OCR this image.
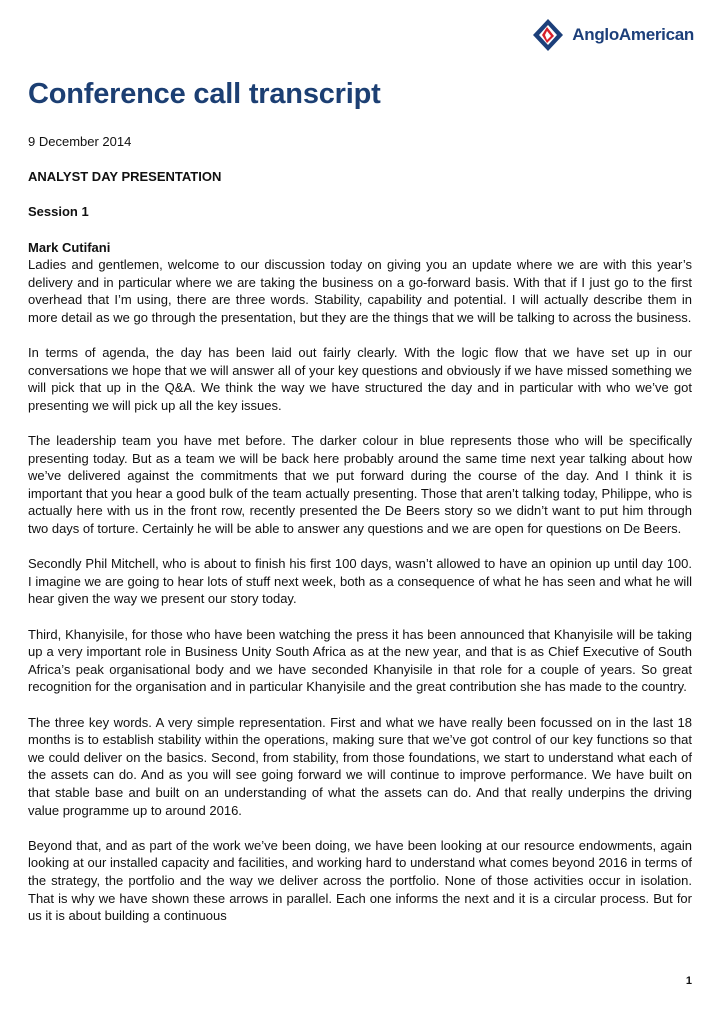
AngloAmerican
Conference call transcript

9 December 2014

ANALYST DAY PRESENTATION

Session 1

Mark Cutifani
Ladies and gentlemen, welcome to our discussion today on giving you an update where we are with this year’s delivery and in particular where we are taking the business on a go-forward basis. With that if I just go to the first overhead that I’m using, there are three words. Stability, capability and potential. I will actually describe them in more detail as we go through the presentation, but they are the things that we will be talking to across the business.

In terms of agenda, the day has been laid out fairly clearly. With the logic flow that we have set up in our conversations we hope that we will answer all of your key questions and obviously if we have missed something we will pick that up in the Q&A. We think the way we have structured the day and in particular with who we’ve got presenting we will pick up all the key issues.

The leadership team you have met before. The darker colour in blue represents those who will be specifically presenting today. But as a team we will be back here probably around the same time next year talking about how we’ve delivered against the commitments that we put forward during the course of the day. And I think it is important that you hear a good bulk of the team actually presenting. Those that aren’t talking today, Philippe, who is actually here with us in the front row, recently presented the De Beers story so we didn’t want to put him through two days of torture. Certainly he will be able to answer any questions and we are open for questions on De Beers.

Secondly Phil Mitchell, who is about to finish his first 100 days, wasn’t allowed to have an opinion up until day 100. I imagine we are going to hear lots of stuff next week, both as a consequence of what he has seen and what he will hear given the way we present our story today.

Third, Khanyisile, for those who have been watching the press it has been announced that Khanyisile will be taking up a very important role in Business Unity South Africa as at the new year, and that is as Chief Executive of South Africa’s peak organisational body and we have seconded Khanyisile in that role for a couple of years. So great recognition for the organisation and in particular Khanyisile and the great contribution she has made to the country.

The three key words. A very simple representation. First and what we have really been focussed on in the last 18 months is to establish stability within the operations, making sure that we’ve got control of our key functions so that we could deliver on the basics. Second, from stability, from those foundations, we start to understand what each of the assets can do. And as you will see going forward we will continue to improve performance. We have built on that stable base and built on an understanding of what the assets can do. And that really underpins the driving value programme up to around 2016.

Beyond that, and as part of the work we’ve been doing, we have been looking at our resource endowments, again looking at our installed capacity and facilities, and working hard to understand what comes beyond 2016 in terms of the strategy, the portfolio and the way we deliver across the portfolio. None of those activities occur in isolation. That is why we have shown these arrows in parallel. Each one informs the next and it is a circular process. But for us it is about building a continuous

1
